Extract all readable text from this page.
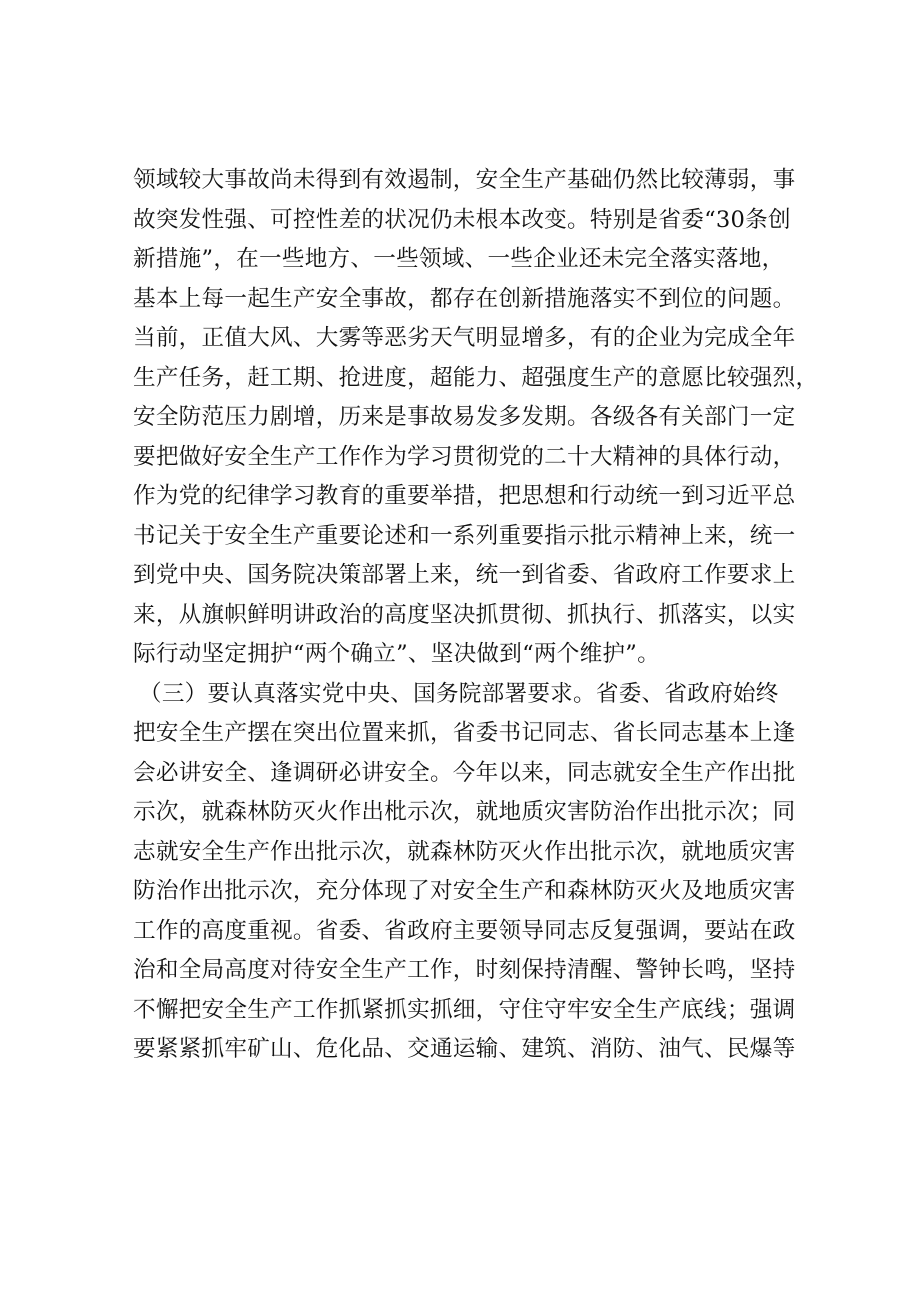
领域较大事故尚未得到有效遏制，安全生产基础仍然比较薄弱，事
故突发性强、可控性差的状况仍未根本改变。特别是省委“30条创
新措施”，在一些地方、一些领域、一些企业还未完全落实落地，
基本上每一起生产安全事故，都存在创新措施落实不到位的问题。
当前，正值大风、大雾等恶劣天气明显增多，有的企业为完成全年
生产任务，赶工期、抢进度，超能力、超强度生产的意愿比较强烈，
安全防范压力剧增，历来是事故易发多发期。各级各有关部门一定
要把做好安全生产工作作为学习贯彻党的二十大精神的具体行动，
作为党的纪律学习教育的重要举措，把思想和行动统一到习近平总
书记关于安全生产重要论述和一系列重要指示批示精神上来，统一
到党中央、国务院决策部署上来，统一到省委、省政府工作要求上
来，从旗帜鲜明讲政治的高度坚决抓贯彻、抓执行、抓落实，以实
际行动坚定拥护“两个确立”、坚决做到“两个维护”。
（三）要认真落实党中央、国务院部署要求。省委、省政府始终
把安全生产摆在突出位置来抓，省委书记同志、省长同志基本上逢
会必讲安全、逢调研必讲安全。今年以来，同志就安全生产作出批
示次，就森林防灭火作出枇示次，就地质灾害防治作出批示次；同
志就安全生产作出批示次，就森林防灭火作出批示次，就地质灾害
防治作出批示次，充分体现了对安全生产和森林防灭火及地质灾害
工作的高度重视。省委、省政府主要领导同志反复强调，要站在政
治和全局高度对待安全生产工作，时刻保持清醒、警钟长鸣，坚持
不懈把安全生产工作抓紧抓实抓细，守住守牢安全生产底线；强调
要紧紧抓牢矿山、危化品、交通运输、建筑、消防、油气、民爆等
